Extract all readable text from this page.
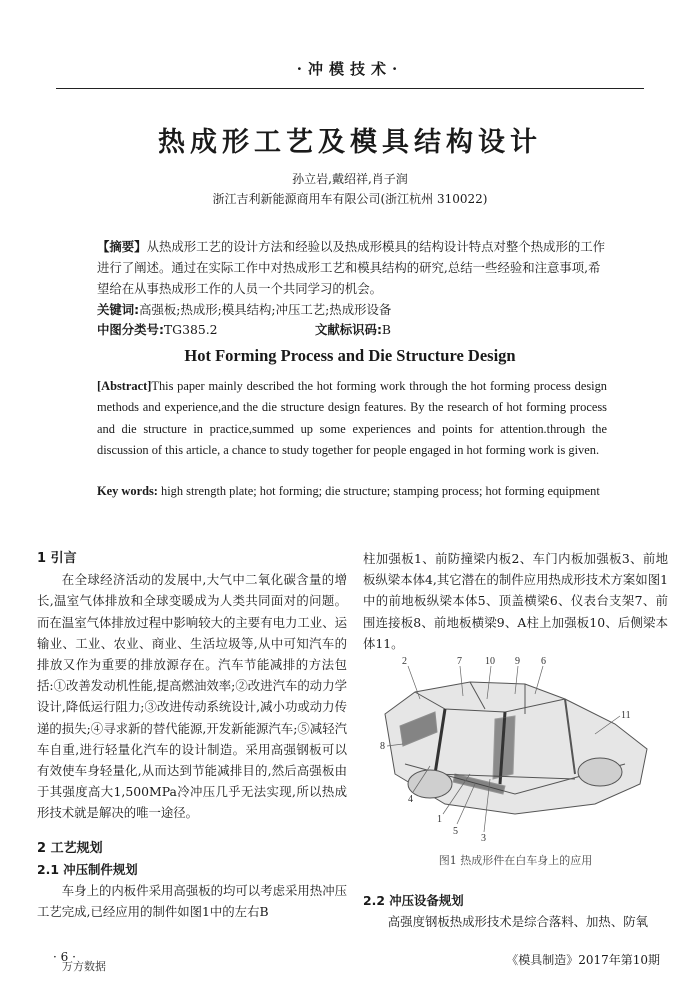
·冲模技术·
热成形工艺及模具结构设计
孙立岩,戴绍祥,肖子润
浙江吉利新能源商用车有限公司(浙江杭州 310022)
【摘要】从热成形工艺的设计方法和经验以及热成形模具的结构设计特点对整个热成形的工作进行了阐述。通过在实际工作中对热成形工艺和模具结构的研究,总结一些经验和注意事项,希望给在从事热成形工作的人员一个共同学习的机会。
关键词:高强板;热成形;模具结构;冲压工艺;热成形设备
中图分类号:TG385.2	文献标识码:B
Hot Forming Process and Die Structure Design
[Abstract]This paper mainly described the hot forming work through the hot forming process design methods and experience,and the die structure design features. By the research of hot forming process and die structure in practice,summed up some experiences and points for attention.through the discussion of this article, a chance to study together for people engaged in hot forming work is given.
Key words: high strength plate; hot forming; die structure; stamping process; hot forming equipment
1 引言
在全球经济活动的发展中,大气中二氧化碳含量的增长,温室气体排放和全球变暖成为人类共同面对的问题。而在温室气体排放过程中影响较大的主要有电力工业、运输业、工业、农业、商业、生活垃圾等,从中可知汽车的排放又作为重要的排放源存在。汽车节能减排的方法包括:①改善发动机性能,提高燃油效率;②改进汽车的动力学设计,降低运行阻力;③改进传动系统设计,减小功或动力传递的损失;④寻求新的替代能源,开发新能源汽车;⑤减轻汽车自重,进行轻量化汽车的设计制造。采用高强钢板可以有效使车身轻量化,从而达到节能减排目的,然后高强板由于其强度高大1,500MPa冷冲压几乎无法实现,所以热成形技术就是解决的唯一途径。
2 工艺规划
2.1 冲压制件规划
车身上的内板件采用高强板的均可以考虑采用热冲压工艺完成,已经应用的制件如图1中的左右B
柱加强板1、前防撞梁内板2、车门内板加强板3、前地板纵梁本体4,其它潜在的制件应用热成形技术方案如图1中的前地板纵梁本体5、顶盖横梁6、仪表台支架7、前围连接板8、前地板横梁9、A柱上加强板10、后侧梁本体11。
2	7 10 9 6
11
8
4
1
5
3
图1 热成形件在白车身上的应用
2.2 冲压设备规划
高强度钢板热成形技术是综合落料、加热、防氧
· 6 ·
万方数据	《模具制造》2017年第10期
